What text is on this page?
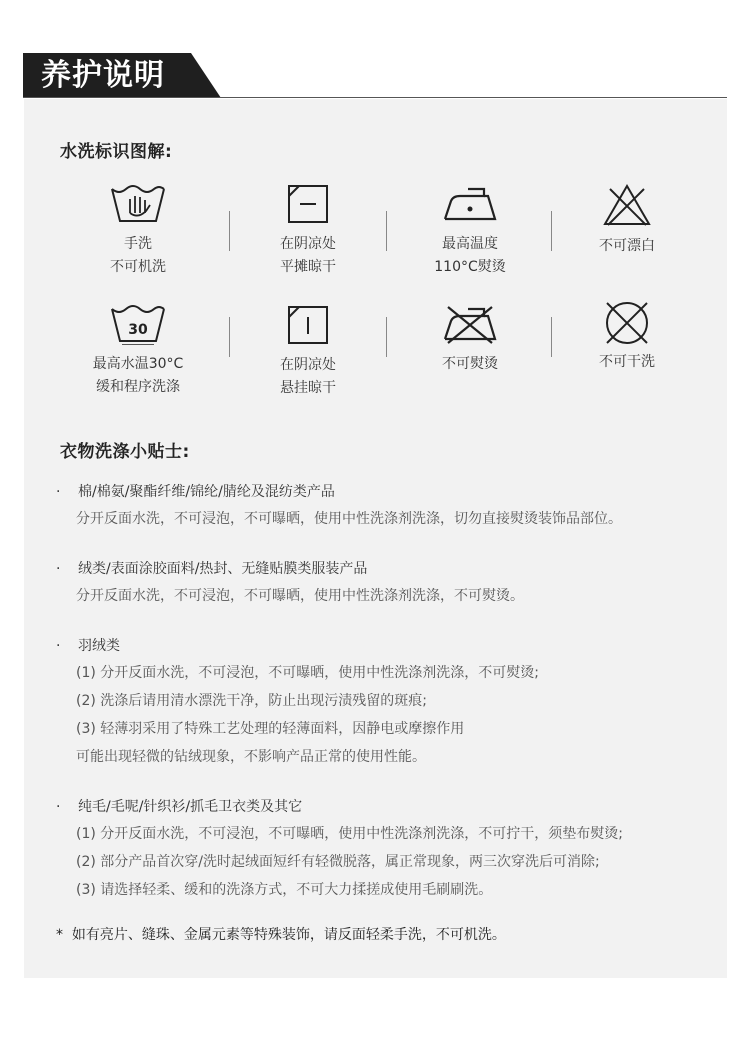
养护说明
水洗标识图解:
手洗
不可机洗
在阴凉处
平摊晾干
最高温度
110°C熨烫
不可漂白
30
最高水温30°C
缓和程序洗涤
在阴凉处
悬挂晾干
不可熨烫	不可干洗
衣物洗涤小贴士:
· 棉/棉氨/聚酯纤维/锦纶/腈纶及混纺类产品
分开反面水洗，不可浸泡，不可曝晒，使用中性洗涤剂洗涤，切勿直接熨烫装饰品部位。
· 绒类/表面涂胶面料/热封、无缝贴膜类服装产品
分开反面水洗，不可浸泡，不可曝晒，使用中性洗涤剂洗涤，不可熨烫。
· 羽绒类
(1) 分开反面水洗，不可浸泡，不可曝晒，使用中性洗涤剂洗涤，不可熨烫;
(2) 洗涤后请用清水漂洗干净，防止出现污渍残留的斑痕;
(3) 轻薄羽采用了特殊工艺处理的轻薄面料，因静电或摩擦作用
可能出现轻微的钻绒现象，不影响产品正常的使用性能。
· 纯毛/毛呢/针织衫/抓毛卫衣类及其它
(1) 分开反面水洗，不可浸泡，不可曝晒，使用中性洗涤剂洗涤，不可拧干，须垫布熨烫;
(2) 部分产品首次穿/洗时起绒面短纤有轻微脱落，属正常现象，两三次穿洗后可消除;
(3) 请选择轻柔、缓和的洗涤方式，不可大力揉搓成使用毛刷刷洗。
* 如有亮片、缝珠、金属元素等特殊装饰，请反面轻柔手洗，不可机洗。
